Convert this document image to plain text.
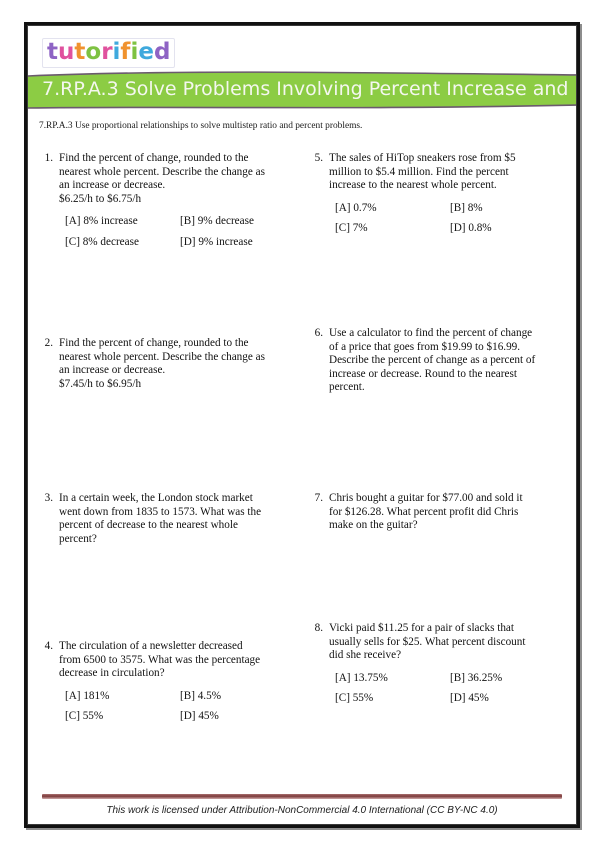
tutorified
7.RP.A.3 Solve Problems Involving Percent Increase and
7.RP.A.3 Use proportional relationships to solve multistep ratio and percent problems.
1. Find the percent of change, rounded to the
nearest whole percent. Describe the change as
an increase or decrease.
$6.25/h to $6.75/h
[A] 8% increase	[B] 9% decrease
[C] 8% decrease	[D] 9% increase
2. Find the percent of change, rounded to the
nearest whole percent. Describe the change as
an increase or decrease.
$7.45/h to $6.95/h
3. In a certain week, the London stock market
went down from 1835 to 1573. What was the
percent of decrease to the nearest whole
percent?
4. The circulation of a newsletter decreased
from 6500 to 3575. What was the percentage
decrease in circulation?
[A] 181%	[B] 4.5%
[C] 55%	[D] 45%
5. The sales of HiTop sneakers rose from $5
million to $5.4 million. Find the percent
increase to the nearest whole percent.
[A] 0.7%	[B] 8%
[C] 7%	[D] 0.8%
6. Use a calculator to find the percent of change
of a price that goes from $19.99 to $16.99.
Describe the percent of change as a percent of
increase or decrease. Round to the nearest
percent.
7. Chris bought a guitar for $77.00 and sold it
for $126.28. What percent profit did Chris
make on the guitar?
8. Vicki paid $11.25 for a pair of slacks that
usually sells for $25. What percent discount
did she receive?
[A] 13.75%	[B] 36.25%
[C] 55%	[D] 45%
This work is licensed under Attribution-NonCommercial 4.0 International (CC BY-NC 4.0)
